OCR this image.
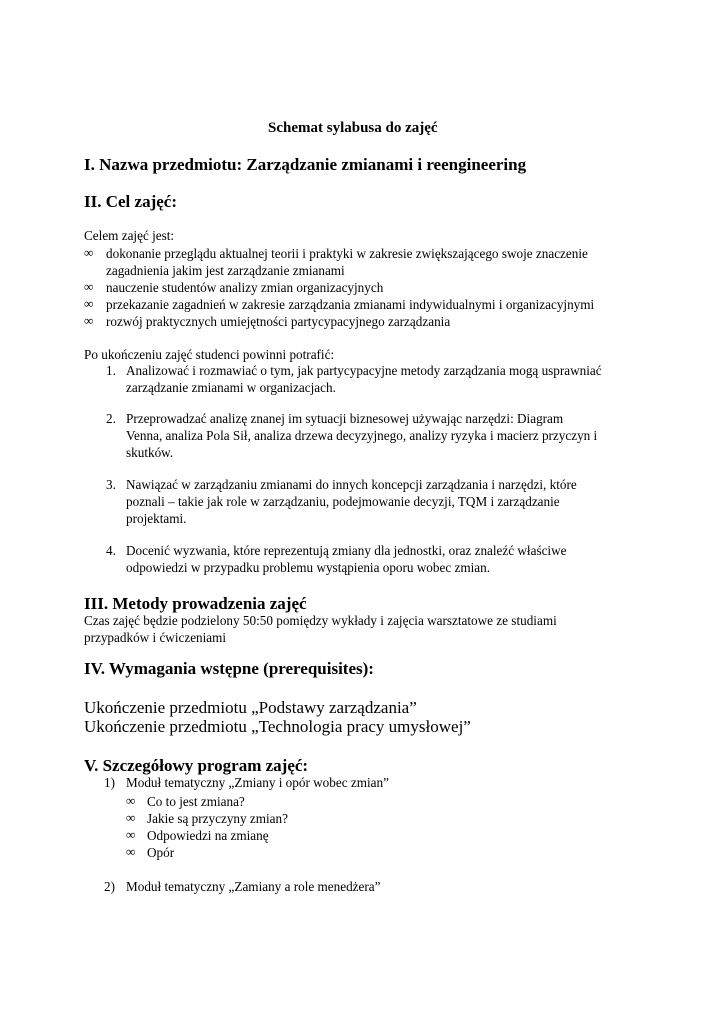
Schemat sylabusa do zajęć
I. Nazwa przedmiotu: Zarządzanie zmianami i reengineering
II. Cel zajęć:
Celem zajęć jest:
∞ dokonanie przeglądu aktualnej teorii i praktyki w zakresie zwiększającego swoje znaczenie
zagadnienia jakim jest zarządzanie zmianami
∞ nauczenie studentów analizy zmian organizacyjnych
∞ przekazanie zagadnień w zakresie zarządzania zmianami indywidualnymi i organizacyjnymi
∞ rozwój praktycznych umiejętności partycypacyjnego zarządzania
Po ukończeniu zajęć studenci powinni potrafić:
1. Analizować i rozmawiać o tym, jak partycypacyjne metody zarządzania mogą usprawniać
zarządzanie zmianami w organizacjach.
2. Przeprowadzać analizę znanej im sytuacji biznesowej używając narzędzi: Diagram
Venna, analiza Pola Sił, analiza drzewa decyzyjnego, analizy ryzyka i macierz przyczyn i
skutków.
3. Nawiązać w zarządzaniu zmianami do innych koncepcji zarządzania i narzędzi, które
poznali – takie jak role w zarządzaniu, podejmowanie decyzji, TQM i zarządzanie
projektami.
4. Docenić wyzwania, które reprezentują zmiany dla jednostki, oraz znaleźć właściwe
odpowiedzi w przypadku problemu wystąpienia oporu wobec zmian.
III. Metody prowadzenia zajęć
Czas zajęć będzie podzielony 50:50 pomiędzy wykłady i zajęcia warsztatowe ze studiami
przypadków i ćwiczeniami
IV. Wymagania wstępne (prerequisites):
Ukończenie przedmiotu „Podstawy zarządzania”
Ukończenie przedmiotu „Technologia pracy umysłowej”
V. Szczegółowy program zajęć:
1) Moduł tematyczny „Zmiany i opór wobec zmian”
∞ Co to jest zmiana?
∞ Jakie są przyczyny zmian?
∞ Odpowiedzi na zmianę
∞ Opór
2) Moduł tematyczny „Zamiany a role menedżera”
